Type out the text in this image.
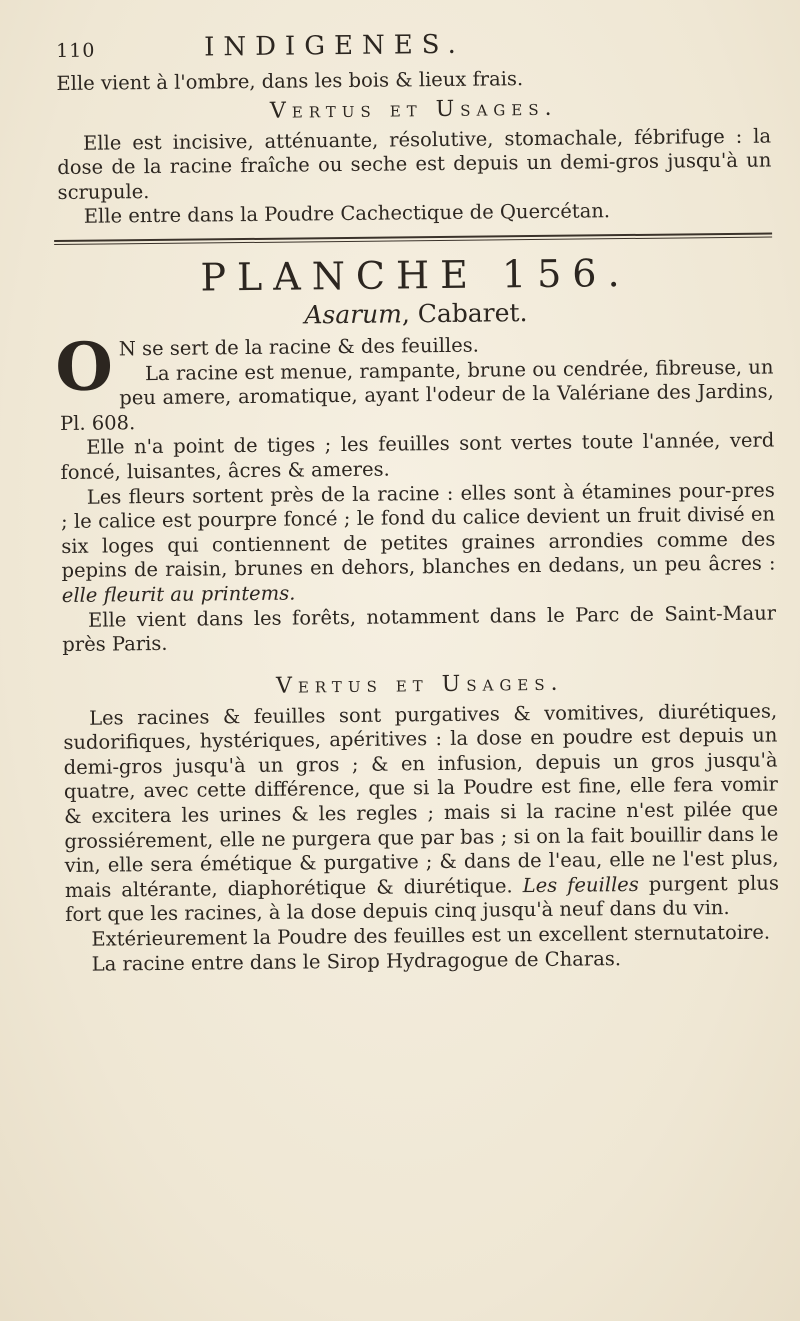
110	INDIGENES.

Elle vient à l'ombre, dans les bois & lieux frais.

Vertus et Usages.

Elle est incisive, atténuante, résolutive, stomachale, fébrifuge : la dose de la racine fraîche ou seche est depuis un demi-gros jusqu'à un scrupule.

Elle entre dans la Poudre Cachectique de Quercétan.

PLANCHE 156.
Asarum, Cabaret.

O N se sert de la racine & des feuilles.

La racine est menue, rampante, brune ou cendrée, fibreuse, un peu amere, aromatique, ayant l'odeur de la Valériane des Jardins, Pl. 608.

Elle n'a point de tiges ; les feuilles sont vertes toute l'année, verd foncé, luisantes, âcres & ameres.

Les fleurs sortent près de la racine : elles sont à étamines pour-pres ; le calice est pourpre foncé ; le fond du calice devient un fruit divisé en six loges qui contiennent de petites graines arrondies comme des pepins de raisin, brunes en dehors, blanches en dedans, un peu âcres : elle fleurit au printems.

Elle vient dans les forêts, notamment dans le Parc de Saint-Maur près Paris.

Vertus et Usages.

Les racines & feuilles sont purgatives & vomitives, diurétiques, sudorifiques, hystériques, apéritives : la dose en poudre est depuis un demi-gros jusqu'à un gros ; & en infusion, depuis un gros jusqu'à quatre, avec cette différence, que si la Poudre est fine, elle fera vomir & excitera les urines & les regles ; mais si la racine n'est pilée que grossiérement, elle ne purgera que par bas ; si on la fait bouillir dans le vin, elle sera émétique & purgative ; & dans de l'eau, elle ne l'est plus, mais altérante, diaphorétique & diurétique. Les feuilles purgent plus fort que les racines, à la dose depuis cinq jusqu'à neuf dans du vin.

Extérieurement la Poudre des feuilles est un excellent sternutatoire.

La racine entre dans le Sirop Hydragogue de Charas.
